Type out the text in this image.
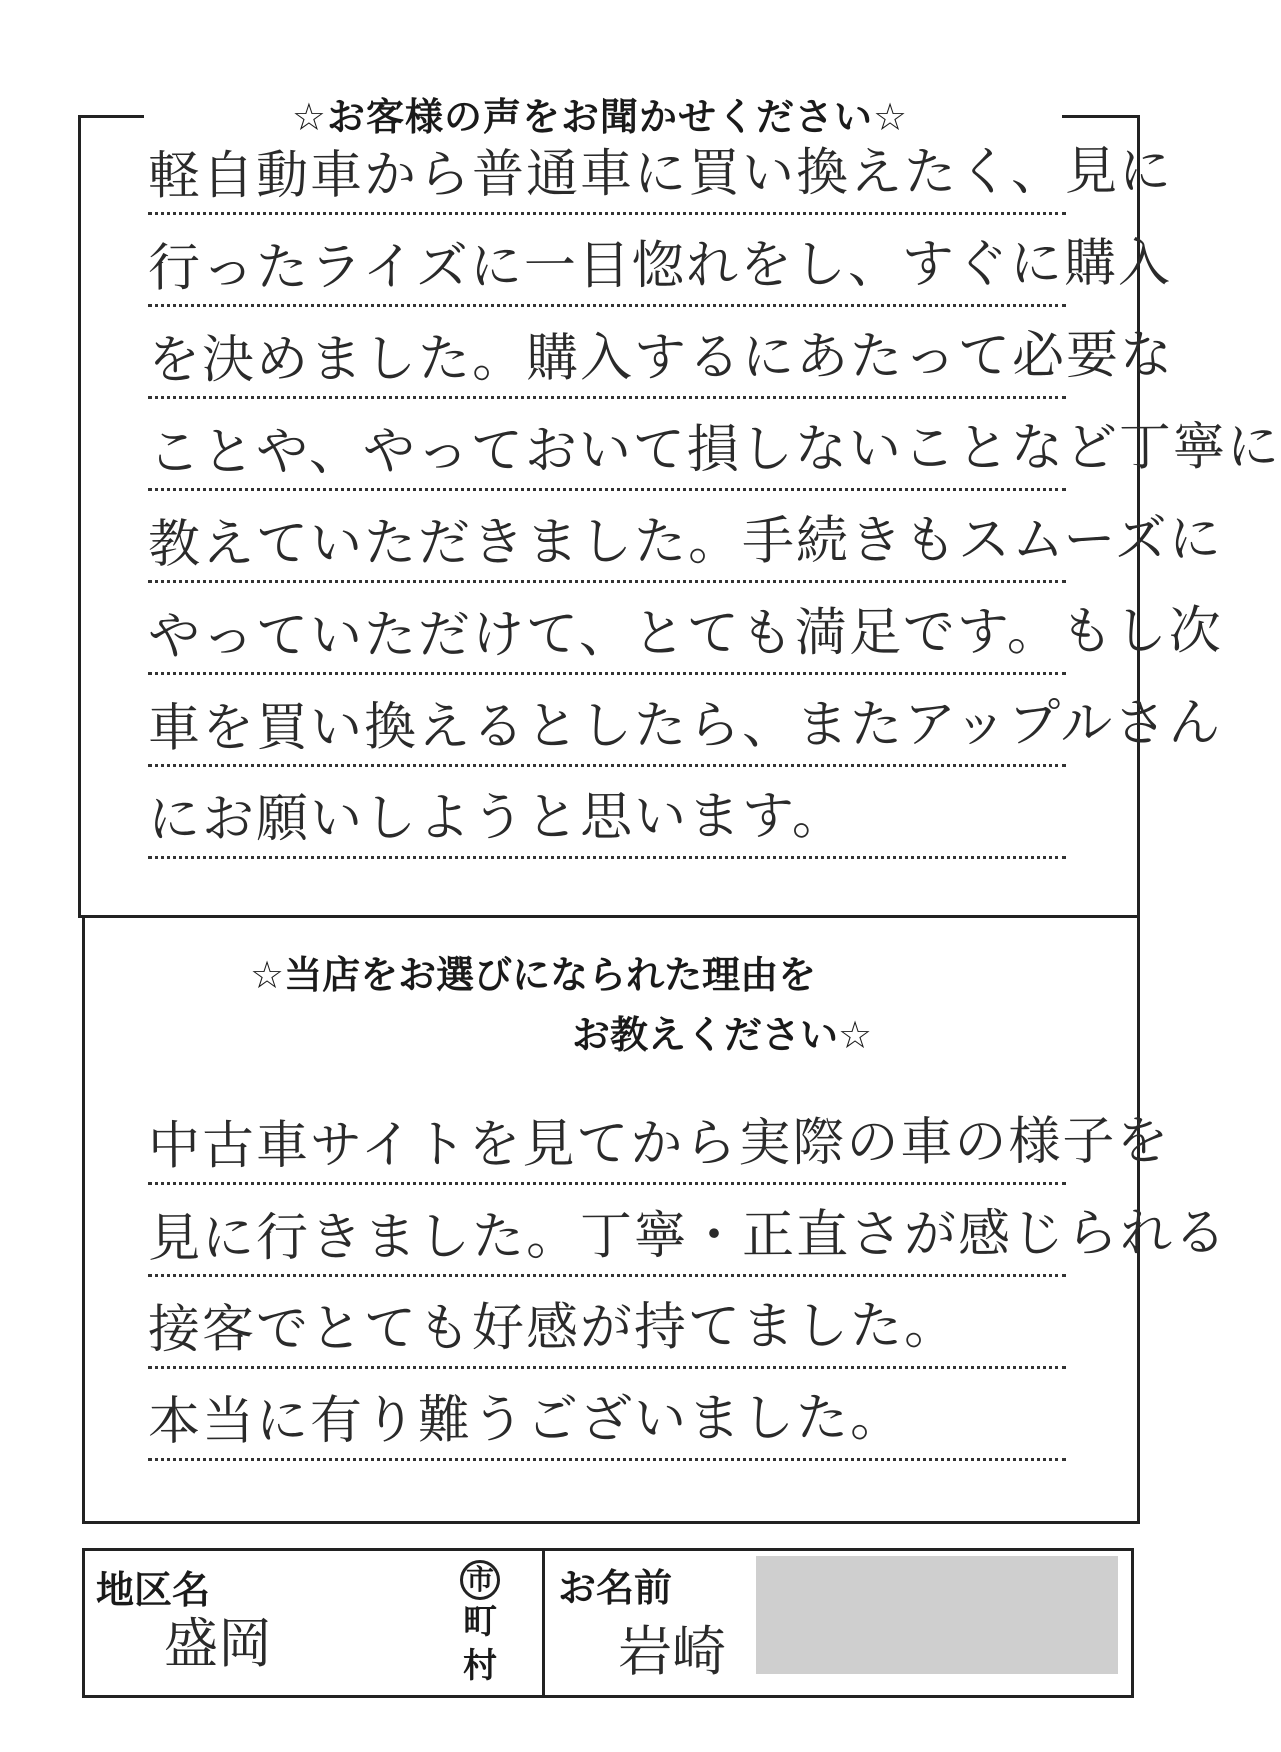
☆お客様の声をお聞かせください☆
軽自動車から普通車に買い換えたく、見に
行ったライズに一目惚れをし、すぐに購入
を決めました。購入するにあたって必要な
ことや、やっておいて損しないことなど丁寧に
教えていただきました。手続きもスムーズに
やっていただけて、とても満足です。もし次
車を買い換えるとしたら、またアップルさん
にお願いしようと思います。
☆当店をお選びになられた理由を
お教えください☆
中古車サイトを見てから実際の車の様子を
見に行きました。丁寧・正直さが感じられる
接客でとても好感が持てました。
本当に有り難うございました。
地区名
盛岡
市
町
村
お名前
岩崎
